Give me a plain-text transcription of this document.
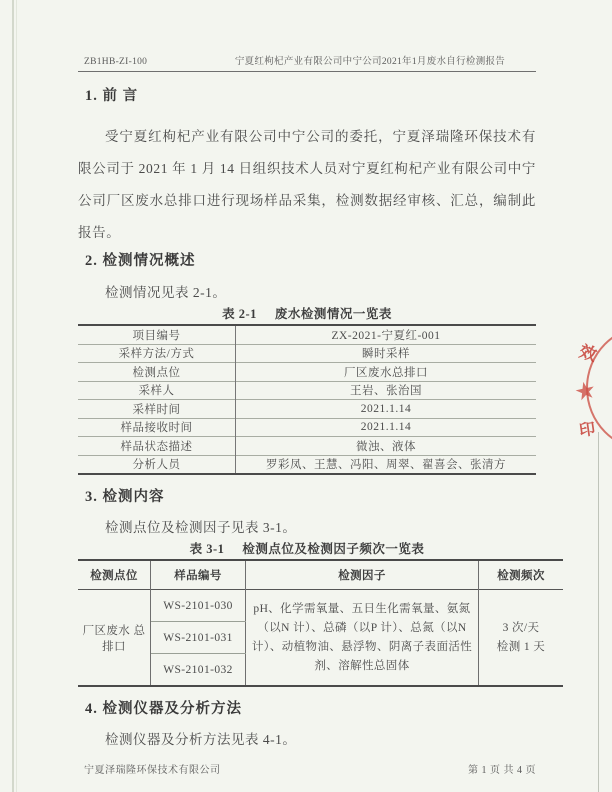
ZB1HB-ZI-100	宁夏红枸杞产业有限公司中宁公司2021年1月废水自行检测报告
1. 前 言
受宁夏红枸杞产业有限公司中宁公司的委托，宁夏泽瑞隆环保技术有限公司于 2021 年 1 月 14 日组织技术人员对宁夏红枸杞产业有限公司中宁公司厂区废水总排口进行现场样品采集，检测数据经审核、汇总，编制此报告。
2. 检测情况概述
检测情况见表 2-1。
表 2-1 废水检测情况一览表
项目编号	ZX-2021-宁夏红-001
采样方法/方式	瞬时采样
检测点位	厂区废水总排口
采样人	王岩、张治国
采样时间	2021.1.14
样品接收时间	2021.1.14
样品状态描述	微浊、液体
分析人员	罗彩凤、王慧、冯阳、周翠、翟喜会、张清方
3. 检测内容
检测点位及检测因子见表 3-1。
表 3-1 检测点位及检测因子频次一览表
检测点位	样品编号	检测因子	检测频次
厂区废水 总排口	WS-2101-030	pH、化学需氧量、五日生化需氧量、氨氮（以N 计）、总磷（以P 计）、总氮（以N 计）、动植物油、悬浮物、阴离子表面活性剂、溶解性总固体	3 次/天
检测 1 天

	WS-2101-031		
	WS-2101-032		
4. 检测仪器及分析方法
检测仪器及分析方法见表 4-1。
宁夏泽瑞隆环保技术有限公司	第 1 页 共 4 页
效
★
印
